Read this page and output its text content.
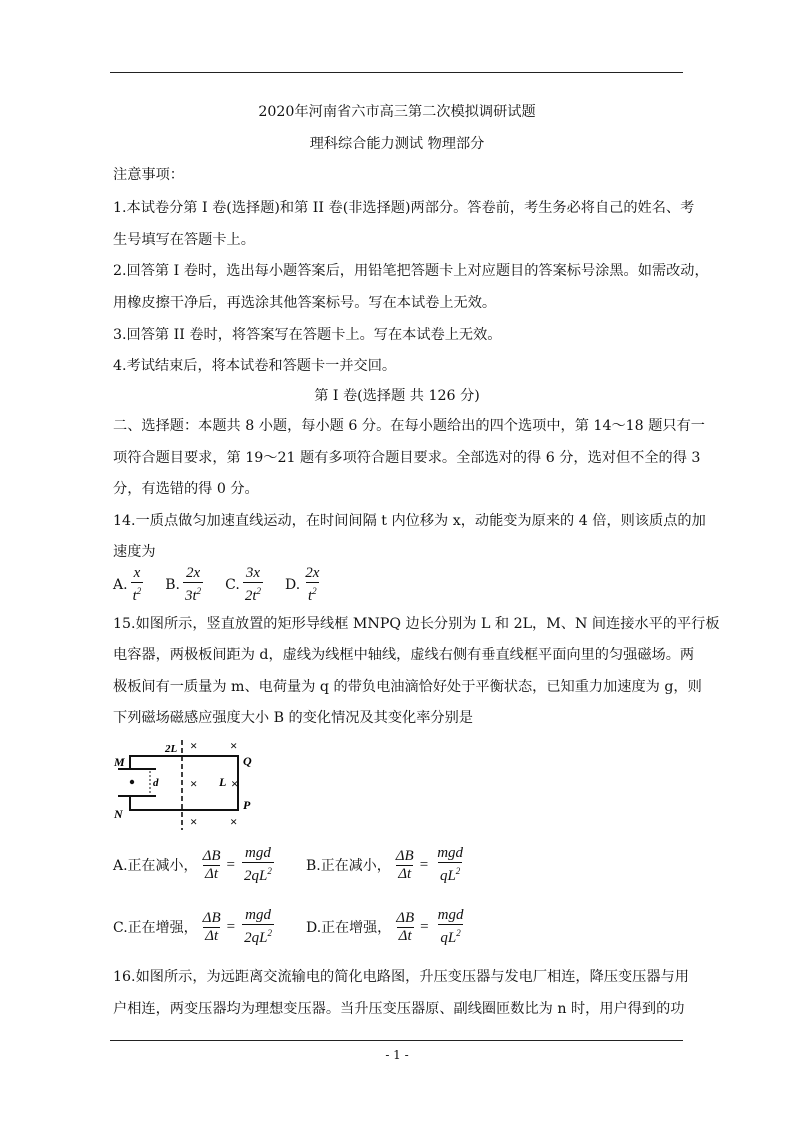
2020年河南省六市高三第二次模拟调研试题
理科综合能力测试 物理部分
注意事项：
1.本试卷分第 I 卷(选择题)和第 II 卷(非选择题)两部分。答卷前，考生务必将自己的姓名、考
生号填写在答题卡上。
2.回答第 I 卷时，选出每小题答案后，用铅笔把答题卡上对应题目的答案标号涂黑。如需改动，
用橡皮擦干净后，再选涂其他答案标号。写在本试卷上无效。
3.回答第 II 卷时，将答案写在答题卡上。写在本试卷上无效。
4.考试结束后，将本试卷和答题卡一并交回。
第 I 卷(选择题 共 126 分)
二、选择题：本题共 8 小题，每小题 6 分。在每小题给出的四个选项中，第 14～18 题只有一
项符合题目要求，第 19～21 题有多项符合题目要求。全部选对的得 6 分，选对但不全的得 3
分，有选错的得 0 分。
14.一质点做匀加速直线运动，在时间间隔 t 内位移为 x，动能变为原来的 4 倍，则该质点的加
速度为
A. $\frac{x}{t^2} B$. $\frac{2x}{3t^2} C$. $\frac{3x}{2t^2} D$. $\frac{2x}{t^2}$
15.如图所示，竖直放置的矩形导线框 MNPQ 边长分别为 L 和 2L，M、N 间连接水平的平行板
电容器，两极板间距为 d，虚线为线框中轴线，虚线右侧有垂直线框平面向里的匀强磁场。两
极板间有一质量为 m、电荷量为 q 的带负电油滴恰好处于平衡状态，已知重力加速度为 g，则
下列磁场磁感应强度大小 B 的变化情况及其变化率分别是
M
N
Q
P
2L
L
d
×	×
×	×
×	×
A.正在减小， $\frac{\Delta B}{\Delta t} = \frac{\text{mgd}}{2qL^2} B$.正在减小， $\frac{\Delta B}{\Delta t} = \frac{\text{mgd}}{qL^2}$
C.正在增强， $\frac{\Delta B}{\Delta t} = \frac{\text{mgd}}{2qL^2} D$.正在增强， $\frac{\Delta B}{\Delta t} = \frac{\text{mgd}}{qL^2}$
16.如图所示，为远距离交流输电的简化电路图，升压变压器与发电厂相连，降压变压器与用
户相连，两变压器均为理想变压器。当升压变压器原、副线圈匝数比为 n 时，用户得到的功
- 1 -
